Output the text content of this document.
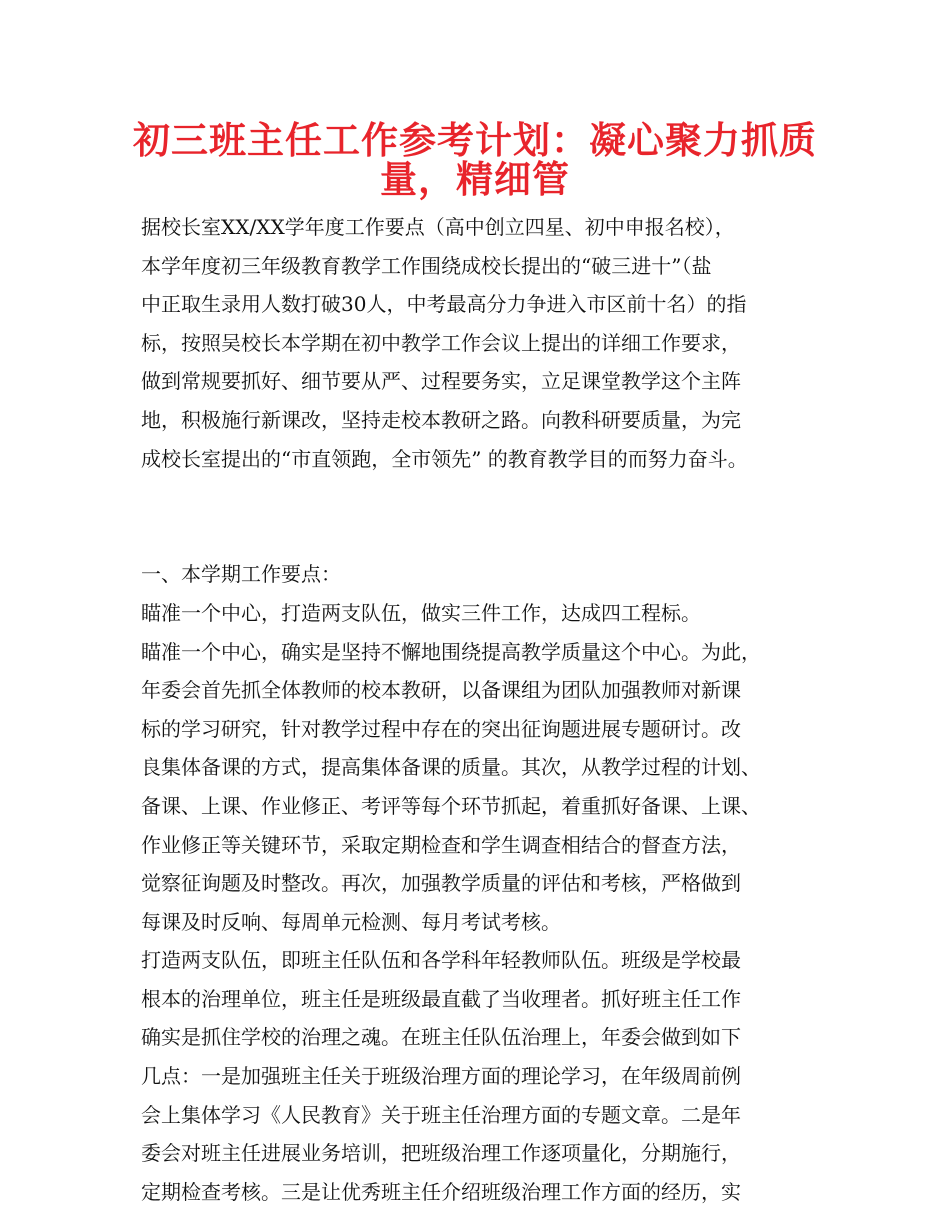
初三班主任工作参考计划：凝心聚力抓质
量，精细管
据校长室XX/XX学年度工作要点（高中创立四星、初中申报名校），
本学年度初三年级教育教学工作围绕成校长提出的“破三进十”（盐
中正取生录用人数打破30人，中考最高分力争进入市区前十名）的指
标，按照吴校长本学期在初中教学工作会议上提出的详细工作要求，
做到常规要抓好、细节要从严、过程要务实，立足课堂教学这个主阵
地，积极施行新课改，坚持走校本教研之路。向教科研要质量，为完
成校长室提出的“市直领跑，全市领先” 的教育教学目的而努力奋斗。
一、本学期工作要点：
瞄准一个中心，打造两支队伍，做实三件工作，达成四工程标。
瞄准一个中心，确实是坚持不懈地围绕提高教学质量这个中心。为此，
年委会首先抓全体教师的校本教研，以备课组为团队加强教师对新课
标的学习研究，针对教学过程中存在的突出征询题进展专题研讨。改
良集体备课的方式，提高集体备课的质量。其次，从教学过程的计划、
备课、上课、作业修正、考评等每个环节抓起，着重抓好备课、上课、
作业修正等关键环节，采取定期检查和学生调查相结合的督查方法，
觉察征询题及时整改。再次，加强教学质量的评估和考核，严格做到
每课及时反响、每周单元检测、每月考试考核。
打造两支队伍，即班主任队伍和各学科年轻教师队伍。班级是学校最
根本的治理单位，班主任是班级最直截了当收理者。抓好班主任工作
确实是抓住学校的治理之魂。在班主任队伍治理上，年委会做到如下
几点：一是加强班主任关于班级治理方面的理论学习，在年级周前例
会上集体学习《人民教育》关于班主任治理方面的专题文章。二是年
委会对班主任进展业务培训，把班级治理工作逐项量化，分期施行，
定期检查考核。三是让优秀班主任介绍班级治理工作方面的经历，实
